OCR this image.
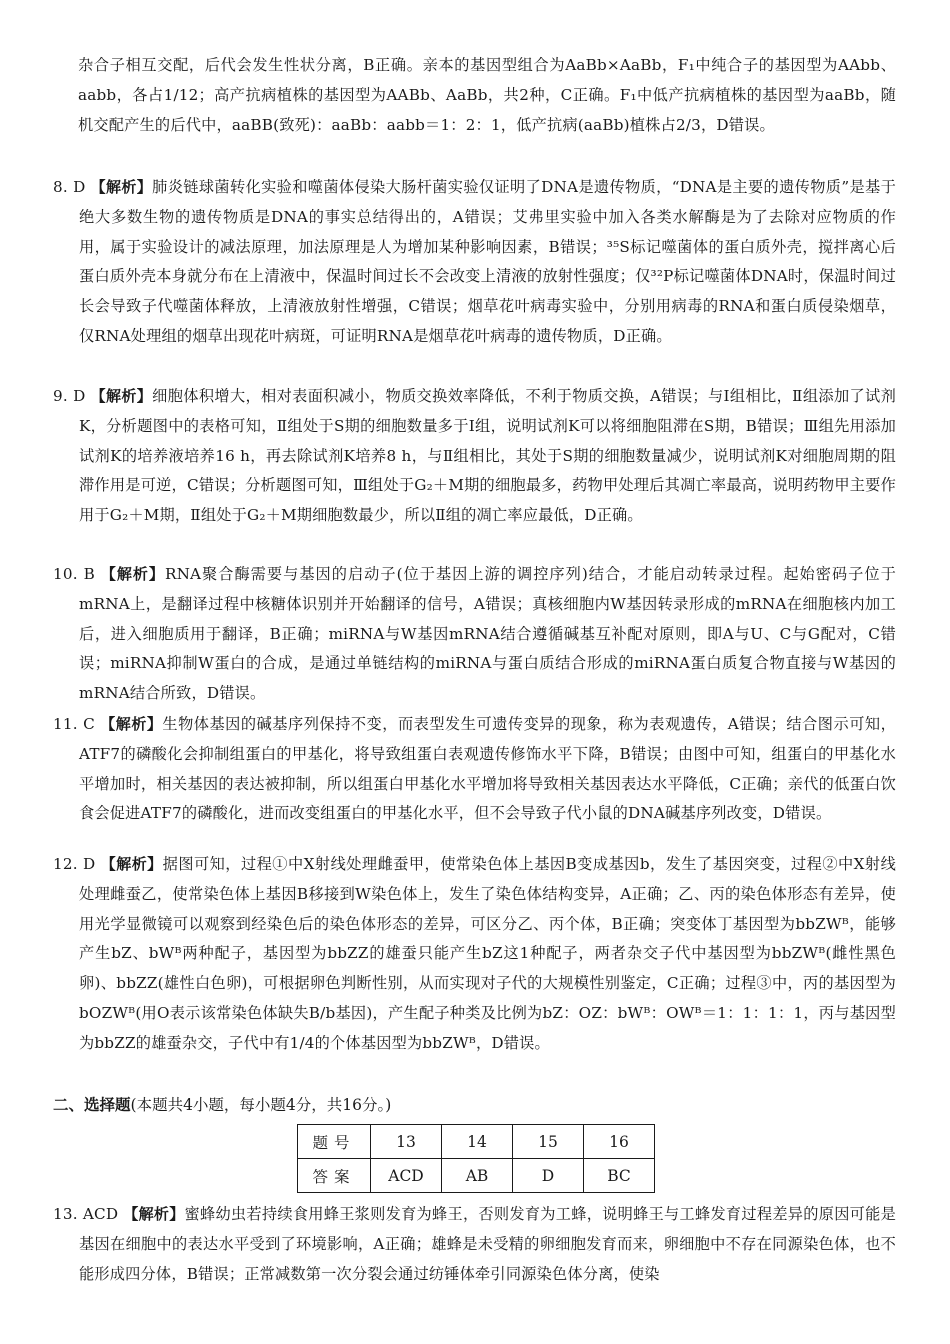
杂合子相互交配，后代会发生性状分离，B正确。亲本的基因型组合为AaBb×AaBb，F₁中纯合子的基因型为AAbb、aabb，各占1/12；高产抗病植株的基因型为AABb、AaBb，共2种，C正确。F₁中低产抗病植株的基因型为aaBb，随机交配产生的后代中，aaBB(致死)：aaBb：aabb＝1：2：1，低产抗病(aaBb)植株占2/3，D错误。

8. D 【解析】肺炎链球菌转化实验和噬菌体侵染大肠杆菌实验仅证明了DNA是遗传物质，“DNA是主要的遗传物质”是基于绝大多数生物的遗传物质是DNA的事实总结得出的，A错误；艾弗里实验中加入各类水解酶是为了去除对应物质的作用，属于实验设计的减法原理，加法原理是人为增加某种影响因素，B错误；³⁵S标记噬菌体的蛋白质外壳，搅拌离心后蛋白质外壳本身就分布在上清液中，保温时间过长不会改变上清液的放射性强度；仅³²P标记噬菌体DNA时，保温时间过长会导致子代噬菌体释放，上清液放射性增强，C错误；烟草花叶病毒实验中，分别用病毒的RNA和蛋白质侵染烟草，仅RNA处理组的烟草出现花叶病斑，可证明RNA是烟草花叶病毒的遗传物质，D正确。

9. D 【解析】细胞体积增大，相对表面积减小，物质交换效率降低，不利于物质交换，A错误；与Ⅰ组相比，Ⅱ组添加了试剂K，分析题图中的表格可知，Ⅱ组处于S期的细胞数量多于Ⅰ组，说明试剂K可以将细胞阻滞在S期，B错误；Ⅲ组先用添加试剂K的培养液培养16 h，再去除试剂K培养8 h，与Ⅱ组相比，其处于S期的细胞数量减少，说明试剂K对细胞周期的阻滞作用是可逆，C错误；分析题图可知，Ⅲ组处于G₂＋M期的细胞最多，药物甲处理后其凋亡率最高，说明药物甲主要作用于G₂＋M期，Ⅱ组处于G₂＋M期细胞数最少，所以Ⅱ组的凋亡率应最低，D正确。

10. B 【解析】RNA聚合酶需要与基因的启动子(位于基因上游的调控序列)结合，才能启动转录过程。起始密码子位于mRNA上，是翻译过程中核糖体识别并开始翻译的信号，A错误；真核细胞内W基因转录形成的mRNA在细胞核内加工后，进入细胞质用于翻译，B正确；miRNA与W基因mRNA结合遵循碱基互补配对原则，即A与U、C与G配对，C错误；miRNA抑制W蛋白的合成，是通过单链结构的miRNA与蛋白质结合形成的miRNA蛋白质复合物直接与W基因的mRNA结合所致，D错误。

11. C 【解析】生物体基因的碱基序列保持不变，而表型发生可遗传变异的现象，称为表观遗传，A错误；结合图示可知，ATF7的磷酸化会抑制组蛋白的甲基化，将导致组蛋白表观遗传修饰水平下降，B错误；由图中可知，组蛋白的甲基化水平增加时，相关基因的表达被抑制，所以组蛋白甲基化水平增加将导致相关基因表达水平降低，C正确；亲代的低蛋白饮食会促进ATF7的磷酸化，进而改变组蛋白的甲基化水平，但不会导致子代小鼠的DNA碱基序列改变，D错误。

12. D 【解析】据图可知，过程①中X射线处理雌蚕甲，使常染色体上基因B变成基因b，发生了基因突变，过程②中X射线处理雌蚕乙，使常染色体上基因B移接到W染色体上，发生了染色体结构变异，A正确；乙、丙的染色体形态有差异，使用光学显微镜可以观察到经染色后的染色体形态的差异，可区分乙、丙个体，B正确；突变体丁基因型为bbZWᴮ，能够产生bZ、bWᴮ两种配子，基因型为bbZZ的雄蚕只能产生bZ这1种配子，两者杂交子代中基因型为bbZWᴮ(雌性黑色卵)、bbZZ(雄性白色卵)，可根据卵色判断性别，从而实现对子代的大规模性别鉴定，C正确；过程③中，丙的基因型为bOZWᴮ(用O表示该常染色体缺失B/b基因)，产生配子种类及比例为bZ：OZ：bWᴮ：OWᴮ＝1：1：1：1，丙与基因型为bbZZ的雄蚕杂交，子代中有1/4的个体基因型为bbZWᴮ，D错误。

二、选择题(本题共4小题，每小题4分，共16分。)
题号	13	14	15	16
答案	ACD	AB	D	BC

13. ACD 【解析】蜜蜂幼虫若持续食用蜂王浆则发育为蜂王，否则发育为工蜂，说明蜂王与工蜂发育过程差异的原因可能是基因在细胞中的表达水平受到了环境影响，A正确；雄蜂是未受精的卵细胞发育而来，卵细胞中不存在同源染色体，也不能形成四分体，B错误；正常减数第一次分裂会通过纺锤体牵引同源染色体分离，使染
